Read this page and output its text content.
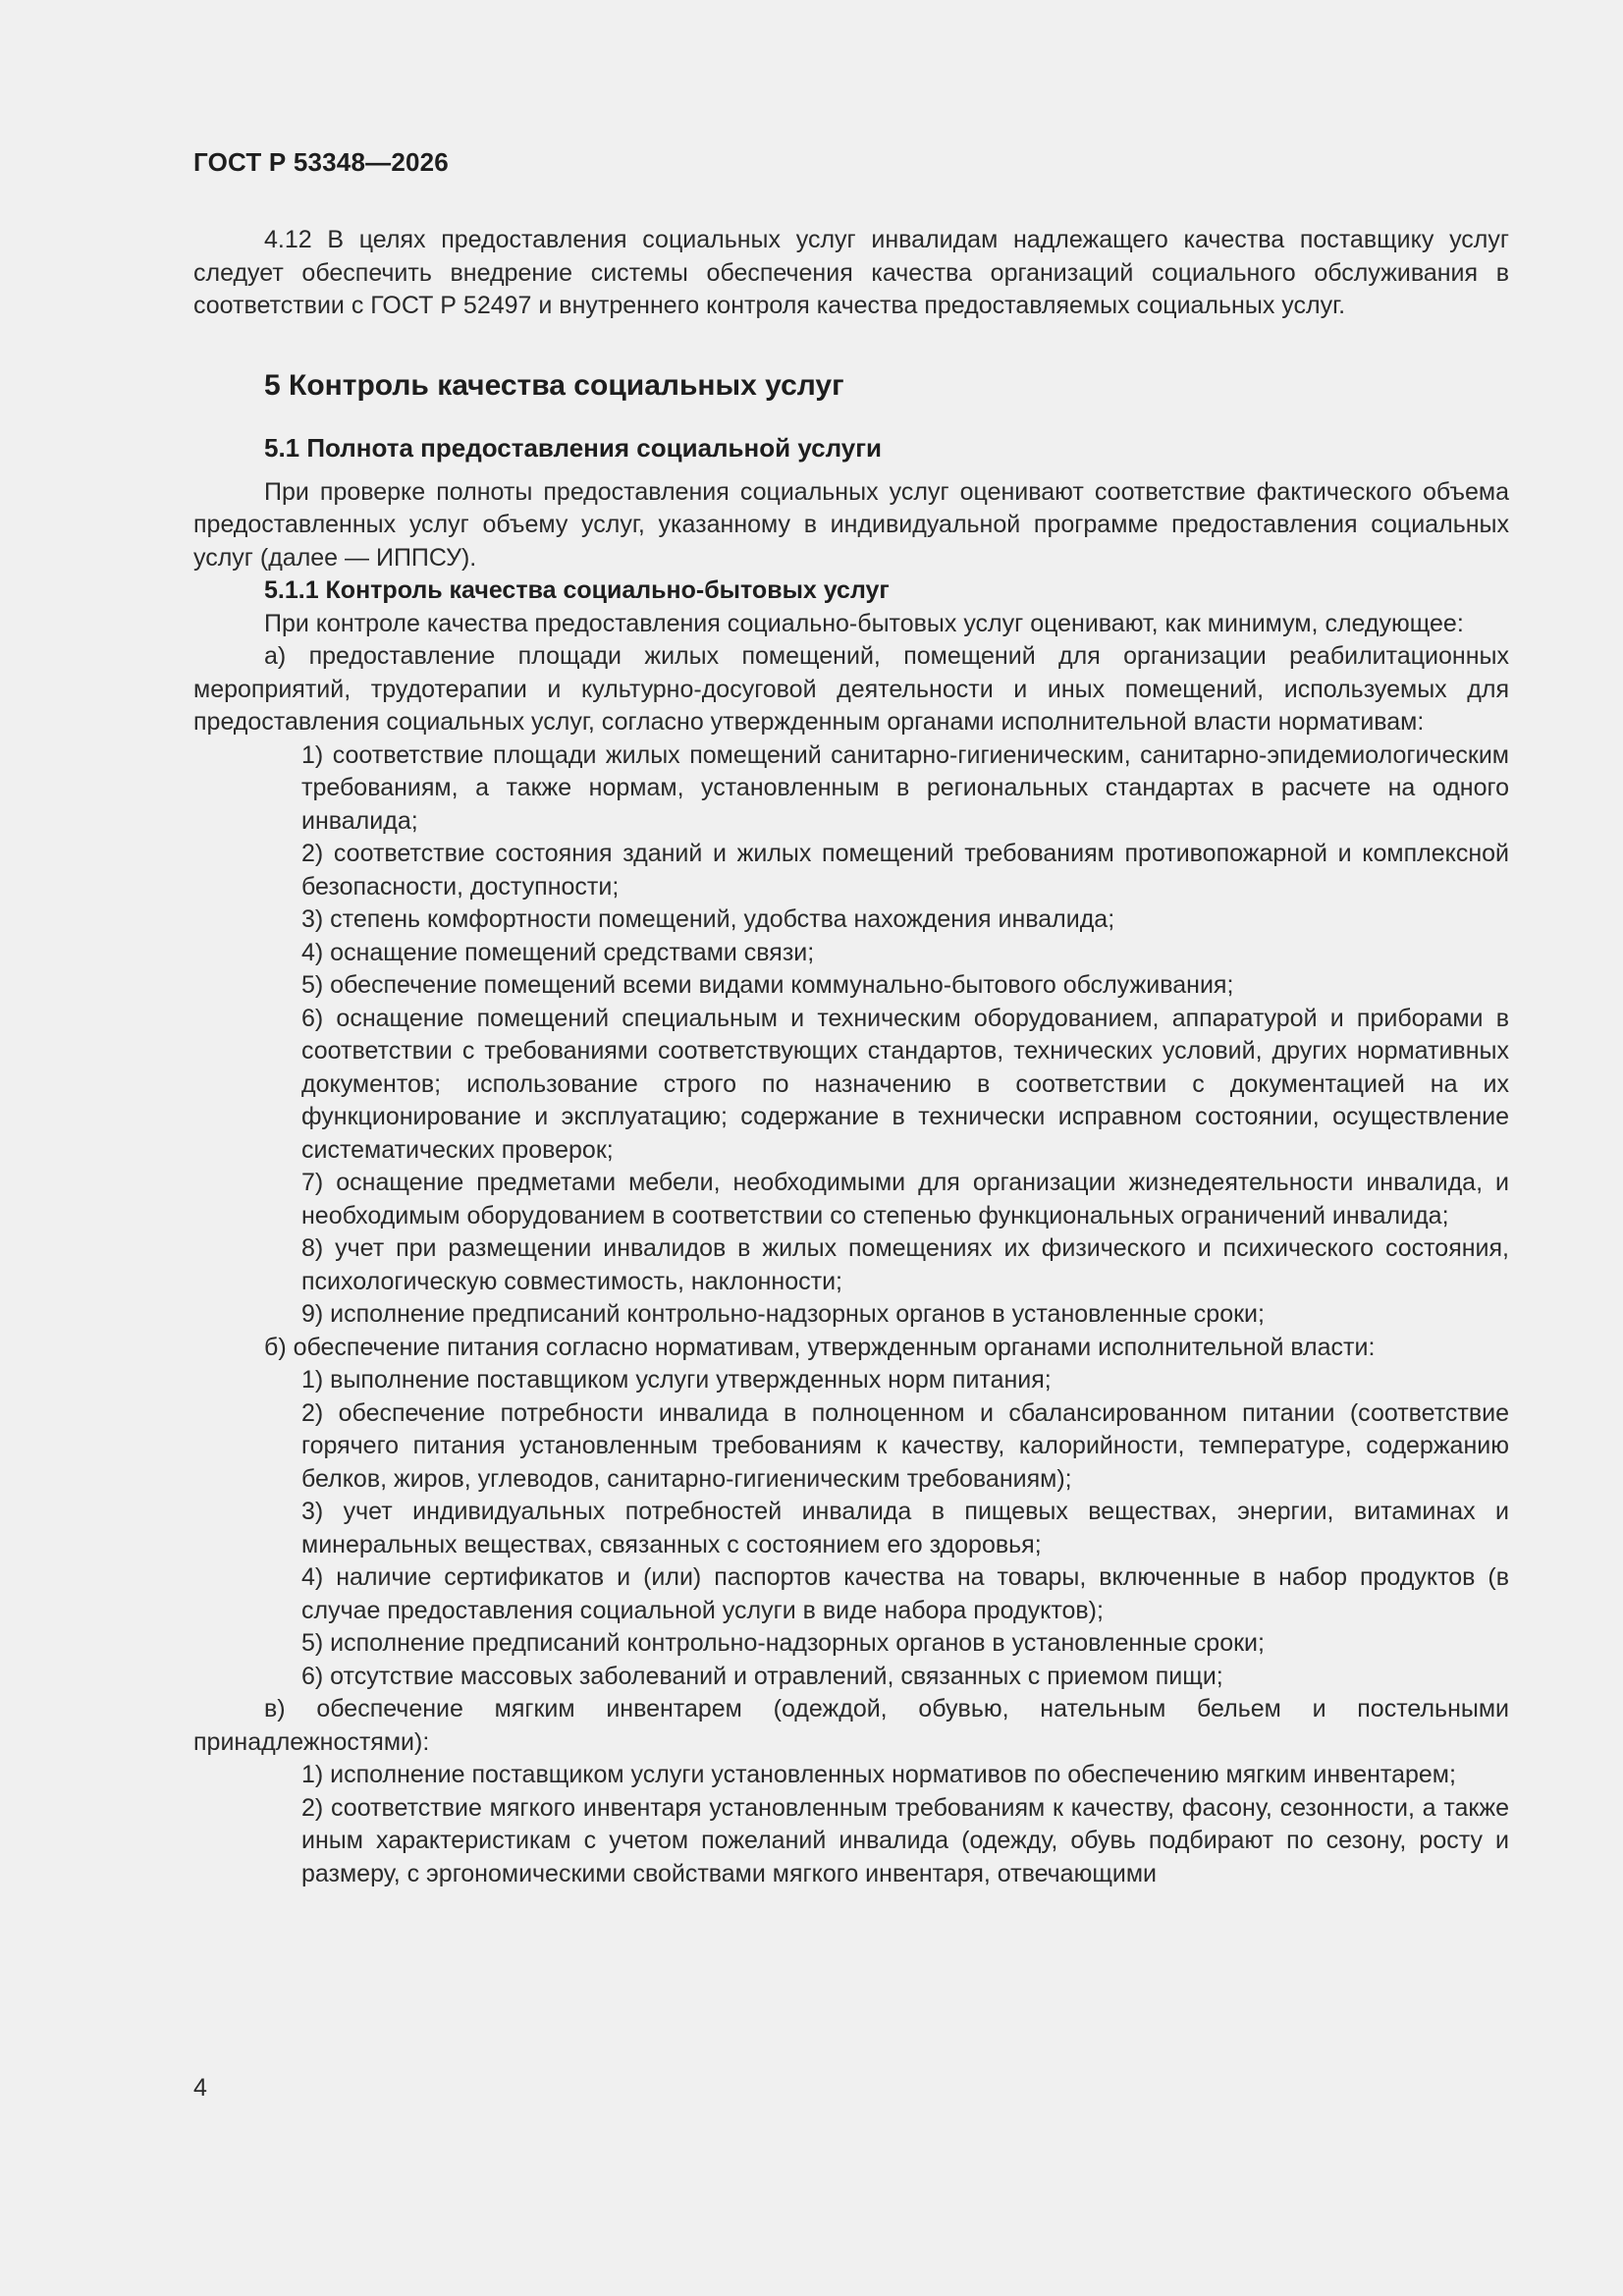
ГОСТ Р 53348—2026

4.12 В целях предоставления социальных услуг инвалидам надлежащего качества поставщику услуг следует обеспечить внедрение системы обеспечения качества организаций социального обслуживания в соответствии с ГОСТ Р 52497 и внутреннего контроля качества предоставляемых социальных услуг.

5 Контроль качества социальных услуг
5.1 Полнота предоставления социальной услуги

При проверке полноты предоставления социальных услуг оценивают соответствие фактического объема предоставленных услуг объему услуг, указанному в индивидуальной программе предоставления социальных услуг (далее — ИППСУ).

5.1.1 Контроль качества социально-бытовых услуг

При контроле качества предоставления социально-бытовых услуг оценивают, как минимум, следующее:

а) предоставление площади жилых помещений, помещений для организации реабилитационных мероприятий, трудотерапии и культурно-досуговой деятельности и иных помещений, используемых для предоставления социальных услуг, согласно утвержденным органами исполнительной власти нормативам:

1) соответствие площади жилых помещений санитарно-гигиеническим, санитарно-эпидемиологическим требованиям, а также нормам, установленным в региональных стандартах в расчете на одного инвалида;

2) соответствие состояния зданий и жилых помещений требованиям противопожарной и комплексной безопасности, доступности;

3) степень комфортности помещений, удобства нахождения инвалида;

4) оснащение помещений средствами связи;

5) обеспечение помещений всеми видами коммунально-бытового обслуживания;

6) оснащение помещений специальным и техническим оборудованием, аппаратурой и приборами в соответствии с требованиями соответствующих стандартов, технических условий, других нормативных документов; использование строго по назначению в соответствии с документацией на их функционирование и эксплуатацию; содержание в технически исправном состоянии, осуществление систематических проверок;

7) оснащение предметами мебели, необходимыми для организации жизнедеятельности инвалида, и необходимым оборудованием в соответствии со степенью функциональных ограничений инвалида;

8) учет при размещении инвалидов в жилых помещениях их физического и психического состояния, психологическую совместимость, наклонности;

9) исполнение предписаний контрольно-надзорных органов в установленные сроки;

б) обеспечение питания согласно нормативам, утвержденным органами исполнительной власти:

1) выполнение поставщиком услуги утвержденных норм питания;

2) обеспечение потребности инвалида в полноценном и сбалансированном питании (соответствие горячего питания установленным требованиям к качеству, калорийности, температуре, содержанию белков, жиров, углеводов, санитарно-гигиеническим требованиям);

3) учет индивидуальных потребностей инвалида в пищевых веществах, энергии, витаминах и минеральных веществах, связанных с состоянием его здоровья;

4) наличие сертификатов и (или) паспортов качества на товары, включенные в набор продуктов (в случае предоставления социальной услуги в виде набора продуктов);

5) исполнение предписаний контрольно-надзорных органов в установленные сроки;

6) отсутствие массовых заболеваний и отравлений, связанных с приемом пищи;

в) обеспечение мягким инвентарем (одеждой, обувью, нательным бельем и постельными принадлежностями):

1) исполнение поставщиком услуги установленных нормативов по обеспечению мягким инвентарем;

2) соответствие мягкого инвентаря установленным требованиям к качеству, фасону, сезонности, а также иным характеристикам с учетом пожеланий инвалида (одежду, обувь подбирают по сезону, росту и размеру, с эргономическими свойствами мягкого инвентаря, отвечающими

4
